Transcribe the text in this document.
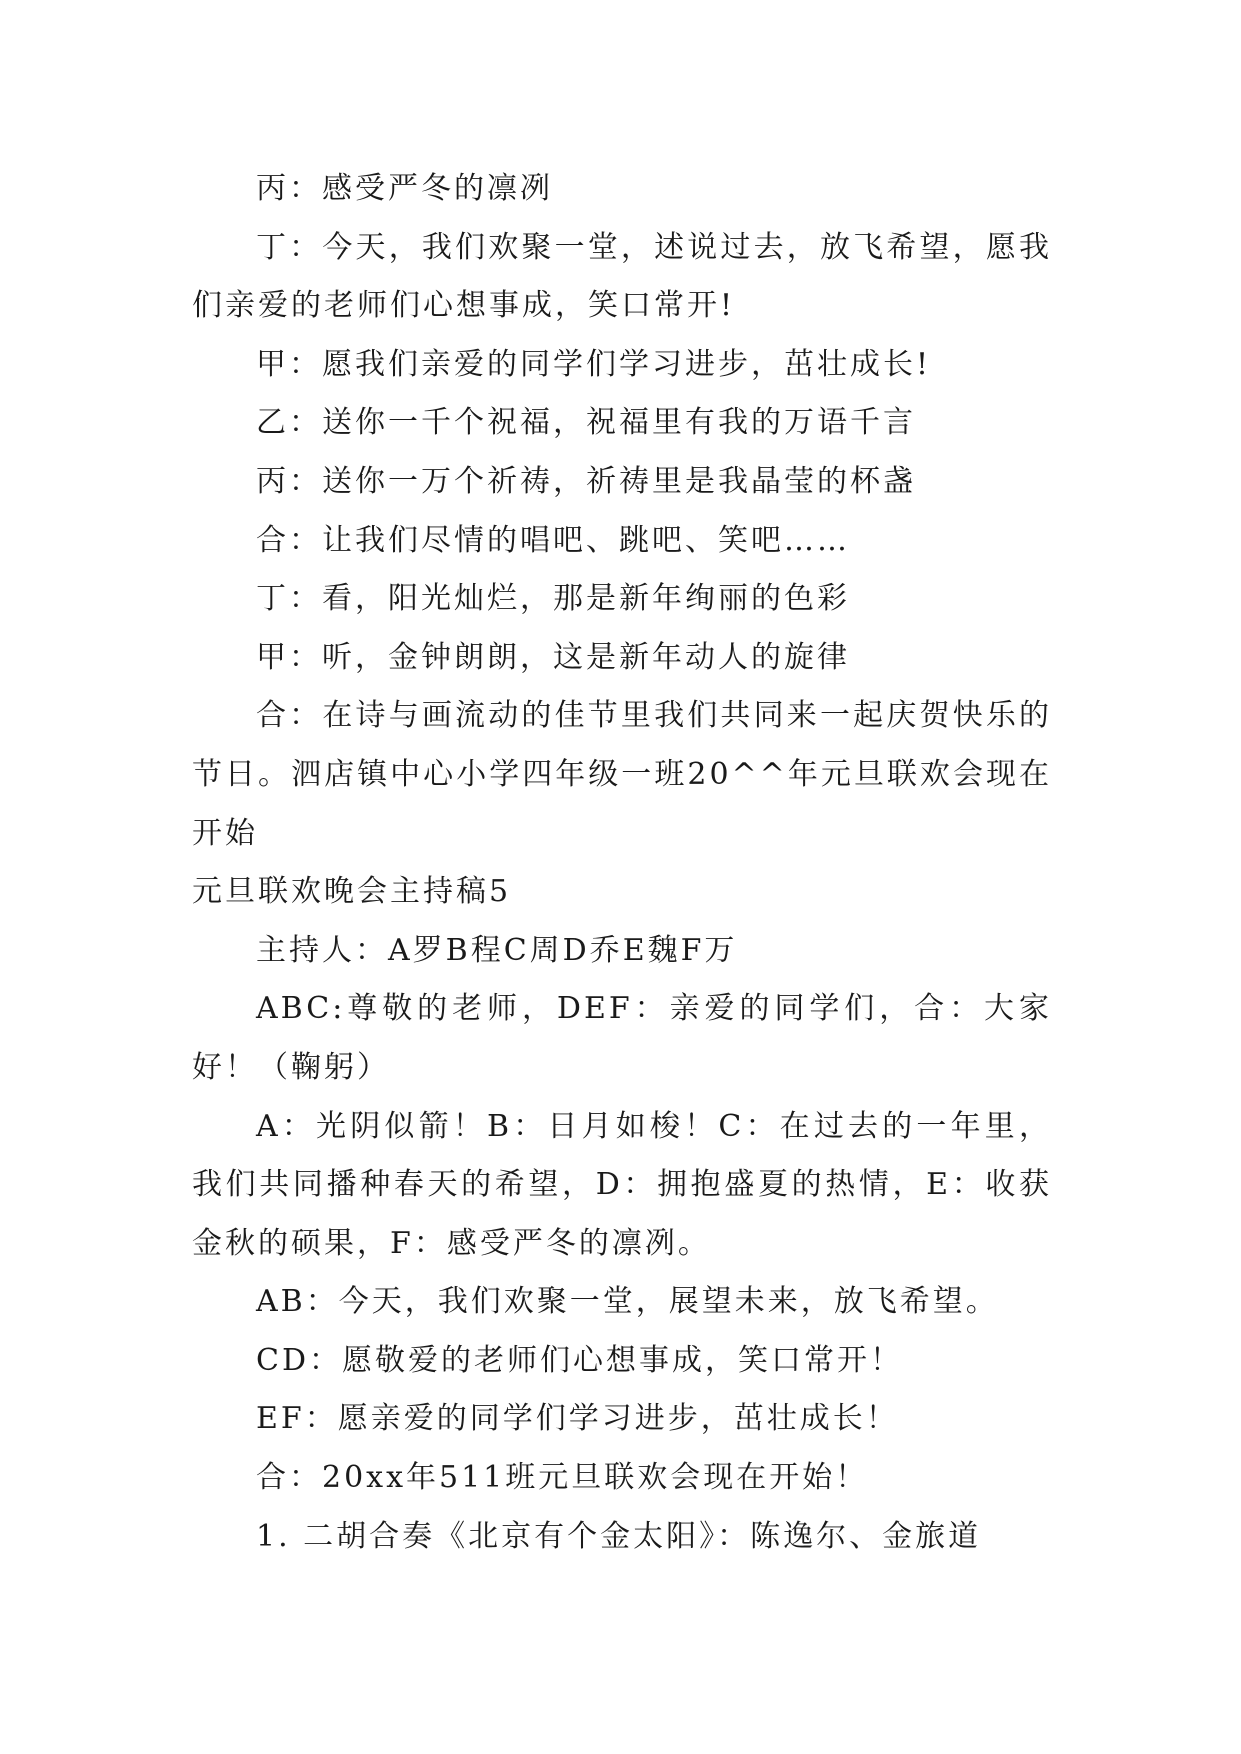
丙：感受严冬的凛冽

丁：今天，我们欢聚一堂，述说过去，放飞希望，愿我们亲爱的老师们心想事成，笑口常开!

甲：愿我们亲爱的同学们学习进步，茁壮成长!

乙：送你一千个祝福，祝福里有我的万语千言

丙：送你一万个祈祷，祈祷里是我晶莹的杯盏

合：让我们尽情的唱吧、跳吧、笑吧……

丁：看，阳光灿烂，那是新年绚丽的色彩

甲：听，金钟朗朗，这是新年动人的旋律

合：在诗与画流动的佳节里我们共同来一起庆贺快乐的节日。泗店镇中心小学四年级一班20^^年元旦联欢会现在开始

元旦联欢晚会主持稿5

主持人：A罗B程C周D乔E魏F万

ABC:尊敬的老师，DEF：亲爱的同学们，合：大家好！（鞠躬）

A：光阴似箭！B：日月如梭！C：在过去的一年里，我们共同播种春天的希望，D：拥抱盛夏的热情，E：收获金秋的硕果，F：感受严冬的凛冽。

AB：今天，我们欢聚一堂，展望未来，放飞希望。

CD：愿敬爱的老师们心想事成，笑口常开！

EF：愿亲爱的同学们学习进步，茁壮成长！

合：20xx年511班元旦联欢会现在开始！

1. 二胡合奏《北京有个金太阳》：陈逸尔、金旅道
